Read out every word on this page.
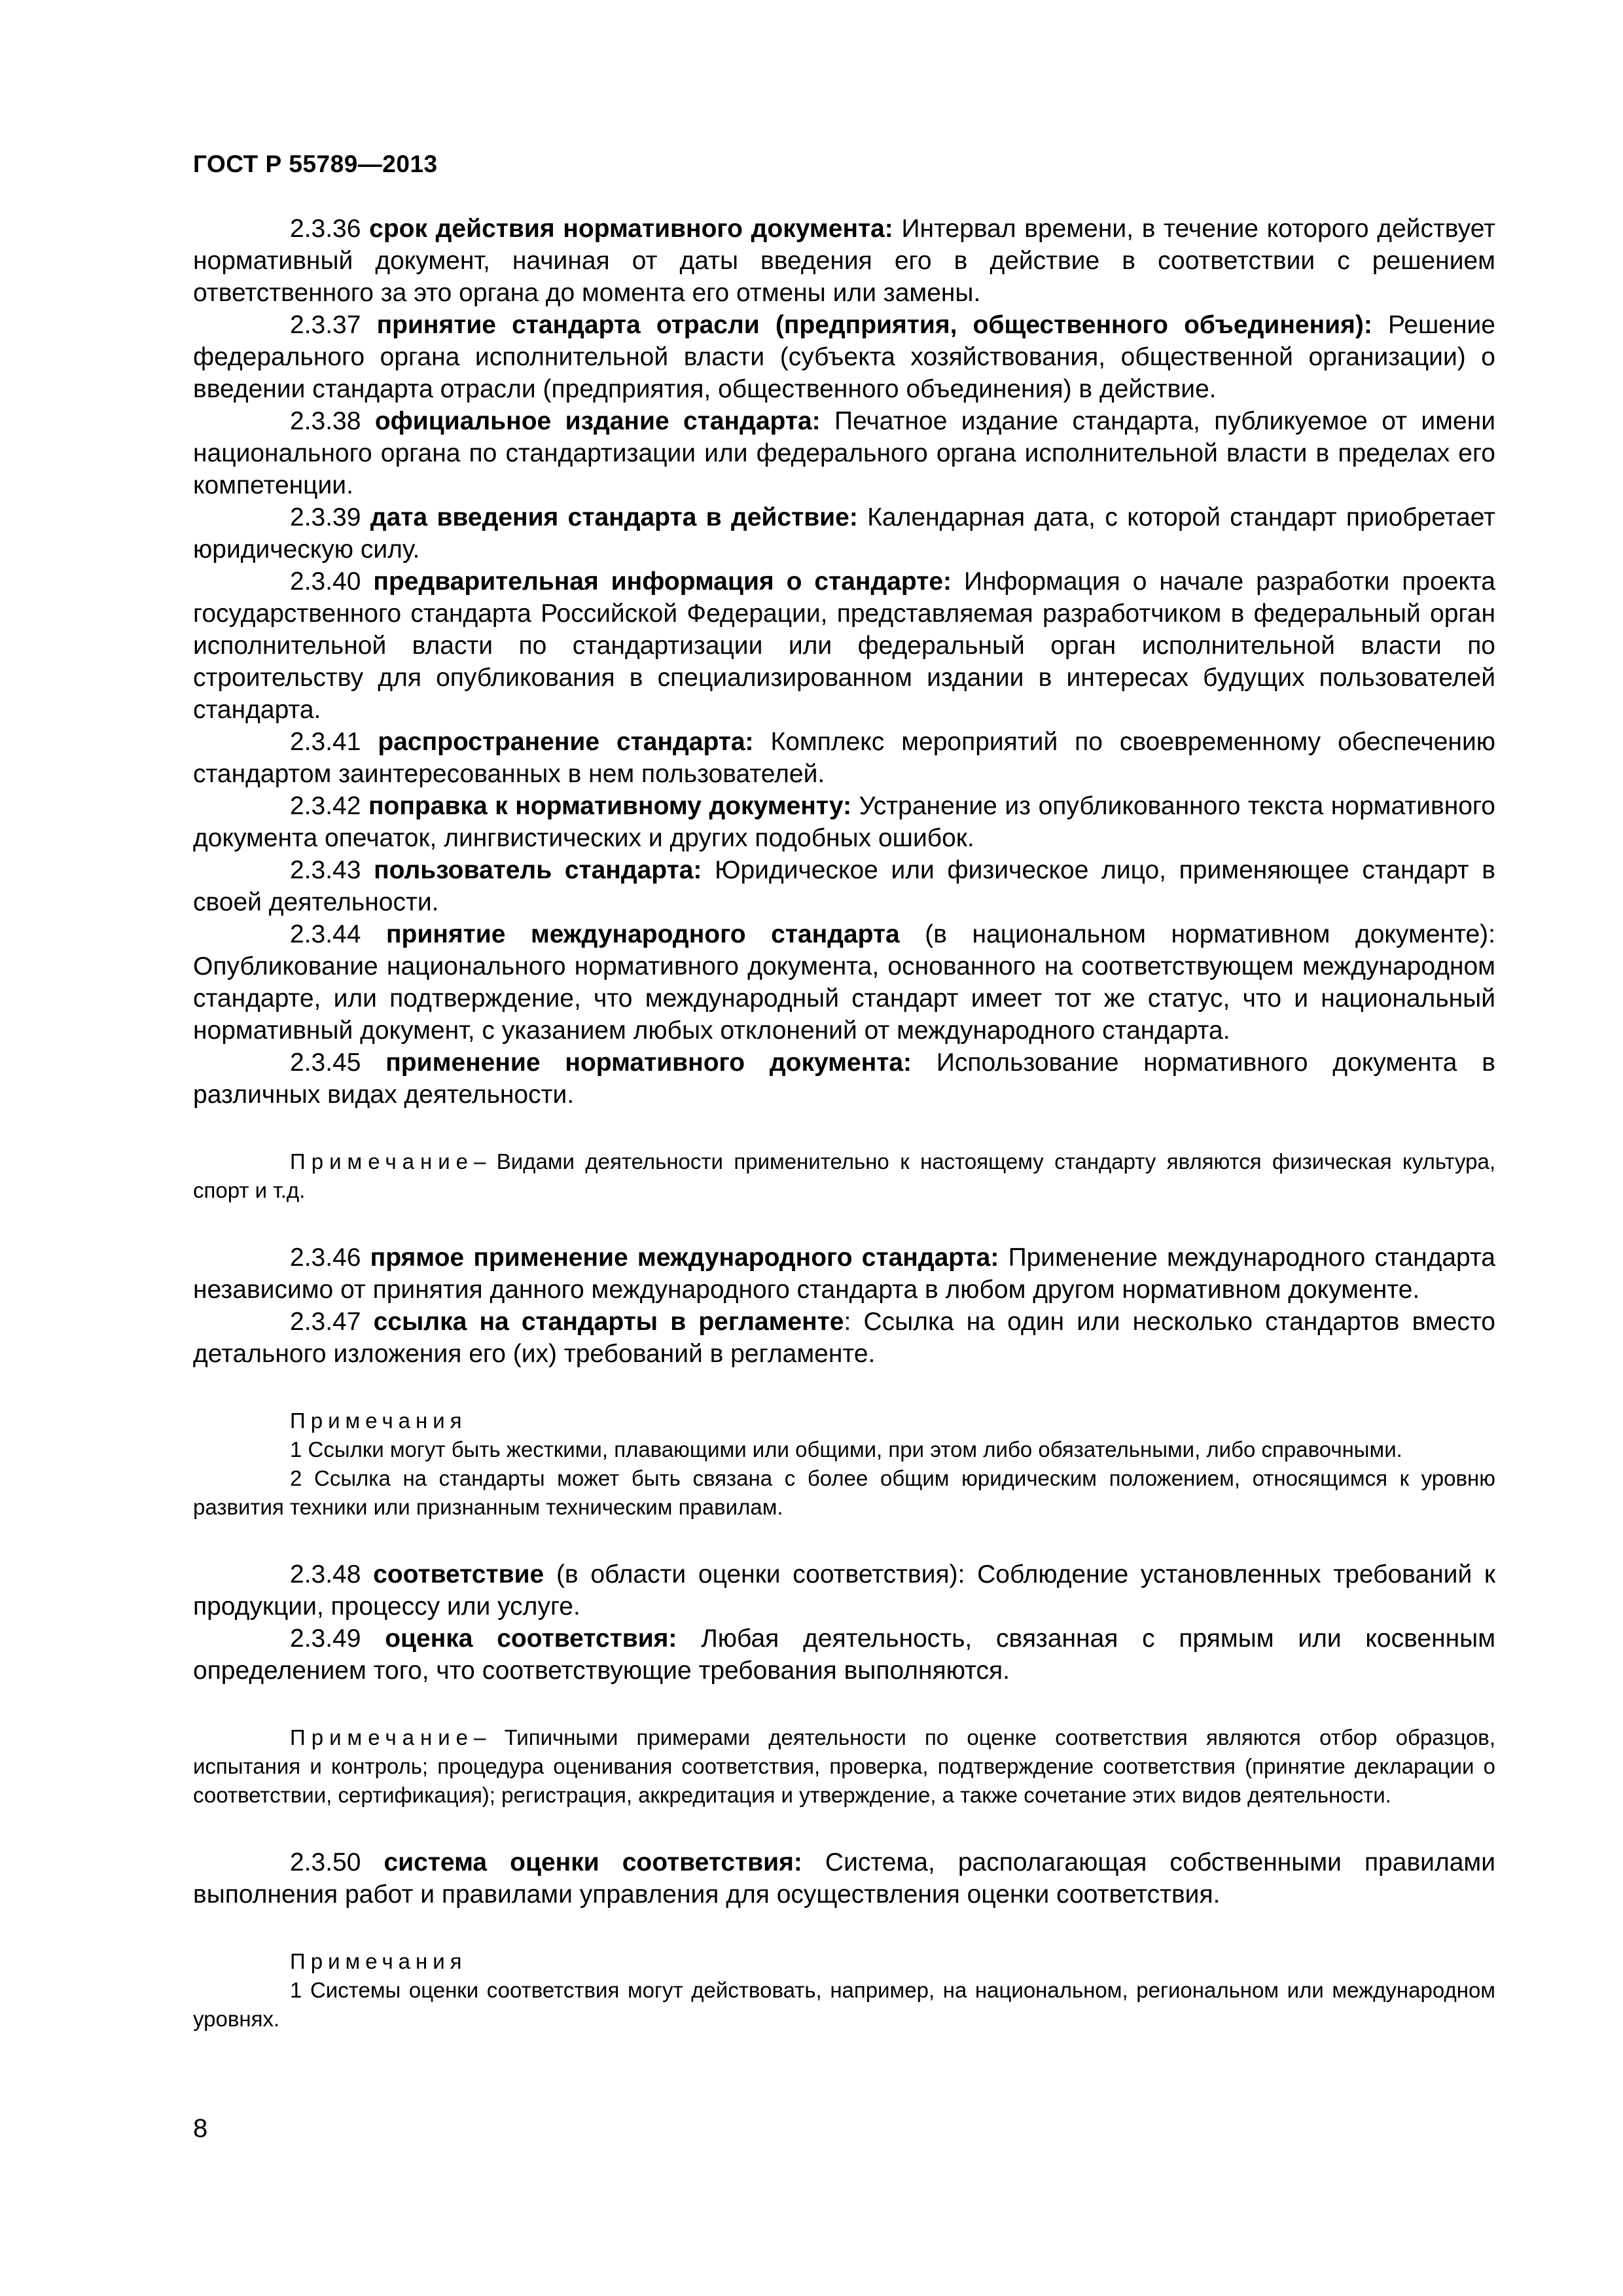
ГОСТ Р 55789—2013

2.3.36 срок действия нормативного документа: Интервал времени, в течение которого действует нормативный документ, начиная от даты введения его в действие в соответствии с решением ответственного за это органа до момента его отмены или замены.

2.3.37 принятие стандарта отрасли (предприятия, общественного объединения): Решение федерального органа исполнительной власти (субъекта хозяйствования, общественной организации) о введении стандарта отрасли (предприятия, общественного объединения) в действие.

2.3.38 официальное издание стандарта: Печатное издание стандарта, публикуемое от имени национального органа по стандартизации или федерального органа исполнительной власти в пределах его компетенции.

2.3.39 дата введения стандарта в действие: Календарная дата, с которой стандарт приобретает юридическую силу.

2.3.40 предварительная информация о стандарте: Информация о начале разработки проекта государственного стандарта Российской Федерации, представляемая разработчиком в федеральный орган исполнительной власти по стандартизации или федеральный орган исполнительной власти по строительству для опубликования в специализированном издании в интересах будущих пользователей стандарта.

2.3.41 распространение стандарта: Комплекс мероприятий по своевременному обеспечению стандартом заинтересованных в нем пользователей.

2.3.42 поправка к нормативному документу: Устранение из опубликованного текста нормативного документа опечаток, лингвистических и других подобных ошибок.

2.3.43 пользователь стандарта: Юридическое или физическое лицо, применяющее стандарт в своей деятельности.

2.3.44 принятие международного стандарта (в национальном нормативном документе): Опубликование национального нормативного документа, основанного на соответствующем международном стандарте, или подтверждение, что международный стандарт имеет тот же статус, что и национальный нормативный документ, с указанием любых отклонений от международного стандарта.

2.3.45 применение нормативного документа: Использование нормативного документа в различных видах деятельности.

Примечание– Видами деятельности применительно к настоящему стандарту являются физическая культура, спорт и т.д.

2.3.46 прямое применение международного стандарта: Применение международного стандарта независимо от принятия данного международного стандарта в любом другом нормативном документе.

2.3.47 ссылка на стандарты в регламенте: Ссылка на один или несколько стандартов вместо детального изложения его (их) требований в регламенте.

Примечания

1 Ссылки могут быть жесткими, плавающими или общими, при этом либо обязательными, либо справочными.

2 Ссылка на стандарты может быть связана с более общим юридическим положением, относящимся к уровню развития техники или признанным техническим правилам.

2.3.48 соответствие (в области оценки соответствия): Соблюдение установленных требований к продукции, процессу или услуге.

2.3.49 оценка соответствия: Любая деятельность, связанная с прямым или косвенным определением того, что соответствующие требования выполняются.

Примечание– Типичными примерами деятельности по оценке соответствия являются отбор образцов, испытания и контроль; процедура оценивания соответствия, проверка, подтверждение соответствия (принятие декларации о соответствии, сертификация); регистрация, аккредитация и утверждение, а также сочетание этих видов деятельности.

2.3.50 система оценки соответствия: Система, располагающая собственными правилами выполнения работ и правилами управления для осуществления оценки соответствия.

Примечания

1 Системы оценки соответствия могут действовать, например, на национальном, региональном или международном уровнях.

8
